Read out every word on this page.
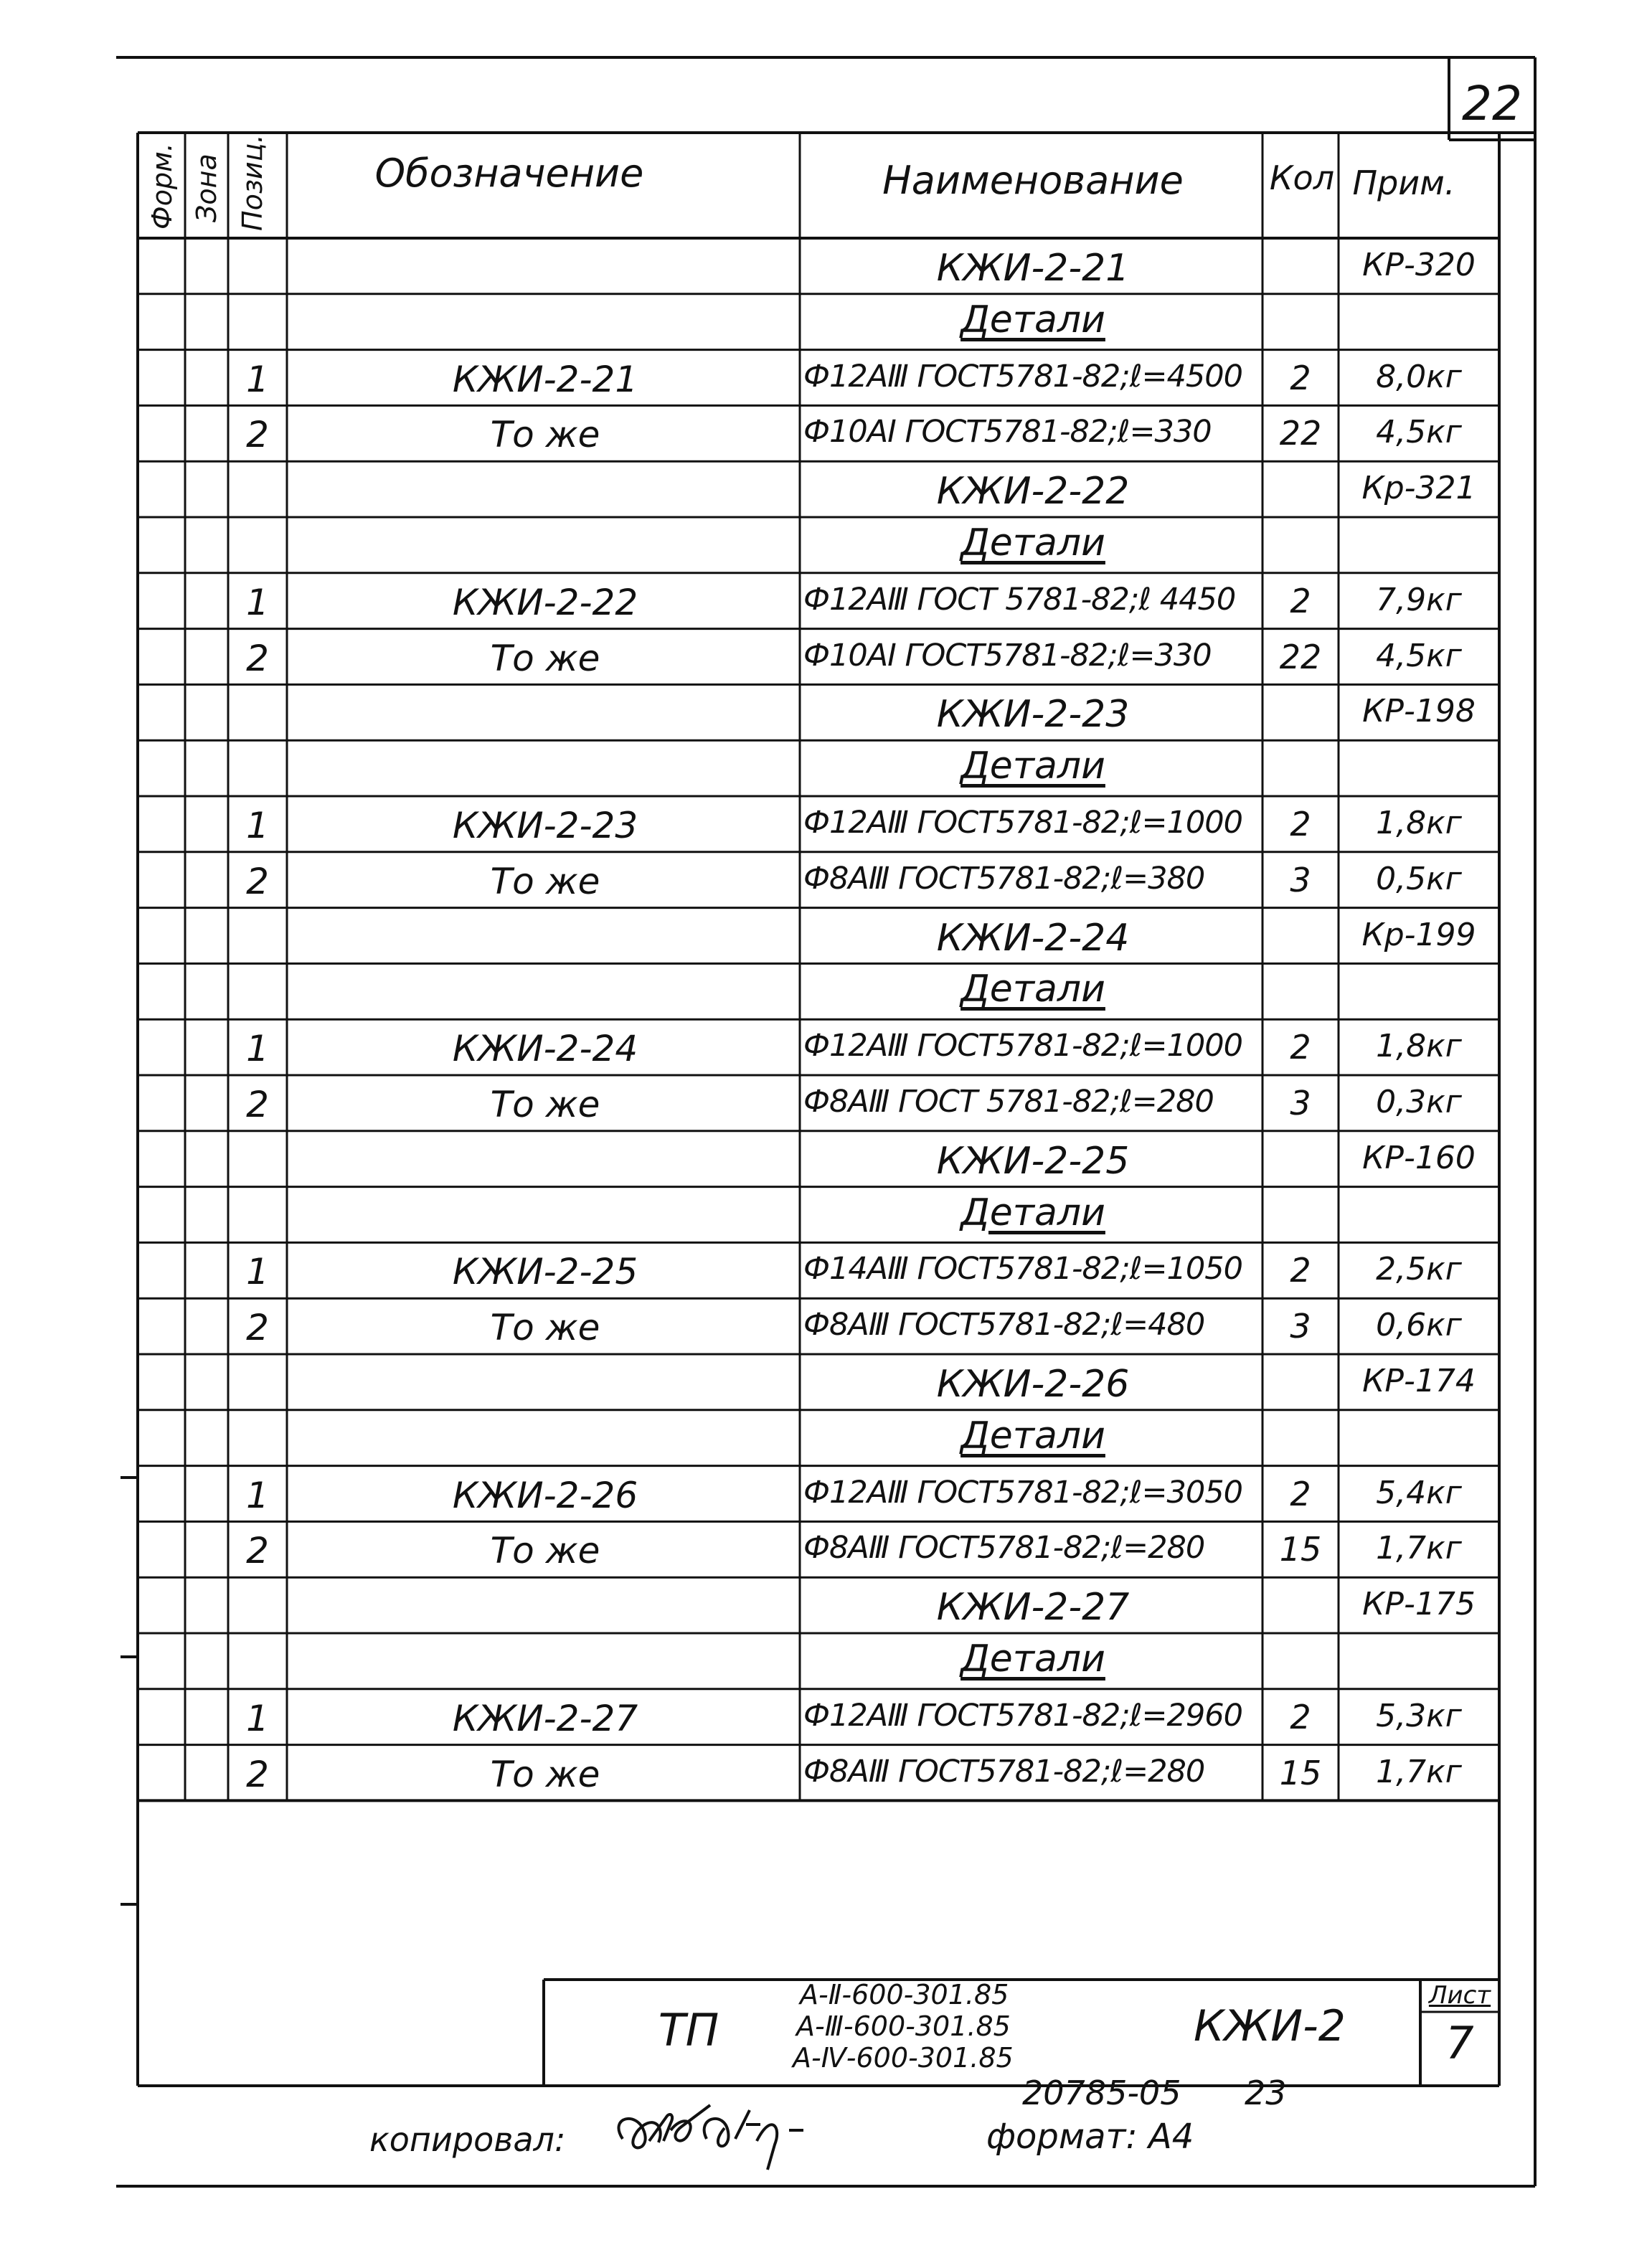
22
Форм. Зона Позиц.	Обозначение	Наименование	Кол Прим.
КЖИ-2-21	КР-320
Детали
1	КЖИ-2-21	Ф12АⅢ ГОСТ5781-82;ℓ=4500 2 8,0кг
2	То же	Ф10АⅠ ГОСТ5781-82;ℓ=330 22 4,5кг
КЖИ-2-22	Кр-321
Детали
1	КЖИ-2-22	Ф12АⅢ ГОСТ 5781-82;ℓ 4450 2 7,9кг
2	То же	Ф10АⅠ ГОСТ5781-82;ℓ=330 22 4,5кг
КЖИ-2-23	КР-198
Детали
1	КЖИ-2-23	Ф12АⅢ ГОСТ5781-82;ℓ=1000 2 1,8кг
2	То же	Ф8АⅢ ГОСТ5781-82;ℓ=380	3 0,5кг
КЖИ-2-24	Кр-199
Детали
1	КЖИ-2-24	Ф12АⅢ ГОСТ5781-82;ℓ=1000 2 1,8кг
2	То же	Ф8АⅢ ГОСТ 5781-82;ℓ=280 3 0,3кг
КЖИ-2-25	КР-160
Детали
1	КЖИ-2-25	Ф14АⅢ ГОСТ5781-82;ℓ=1050 2 2,5кг
2	То же	Ф8АⅢ ГОСТ5781-82;ℓ=480	3 0,6кг
КЖИ-2-26	КР-174
Детали
1	КЖИ-2-26	Ф12АⅢ ГОСТ5781-82;ℓ=3050 2 5,4кг
2	То же	Ф8АⅢ ГОСТ5781-82;ℓ=280 15 1,7кг
КЖИ-2-27	КР-175
Детали
1	КЖИ-2-27	Ф12АⅢ ГОСТ5781-82;ℓ=2960 2 5,3кг
2	То же	Ф8АⅢ ГОСТ5781-82;ℓ=280 15 1,7кг
ТП
А-Ⅱ-600-301.85
А-Ⅲ-600-301.85
А-Ⅳ-600-301.85
КЖИ-2
Лист
7
20785-05 23
копировал:	формат: А4
